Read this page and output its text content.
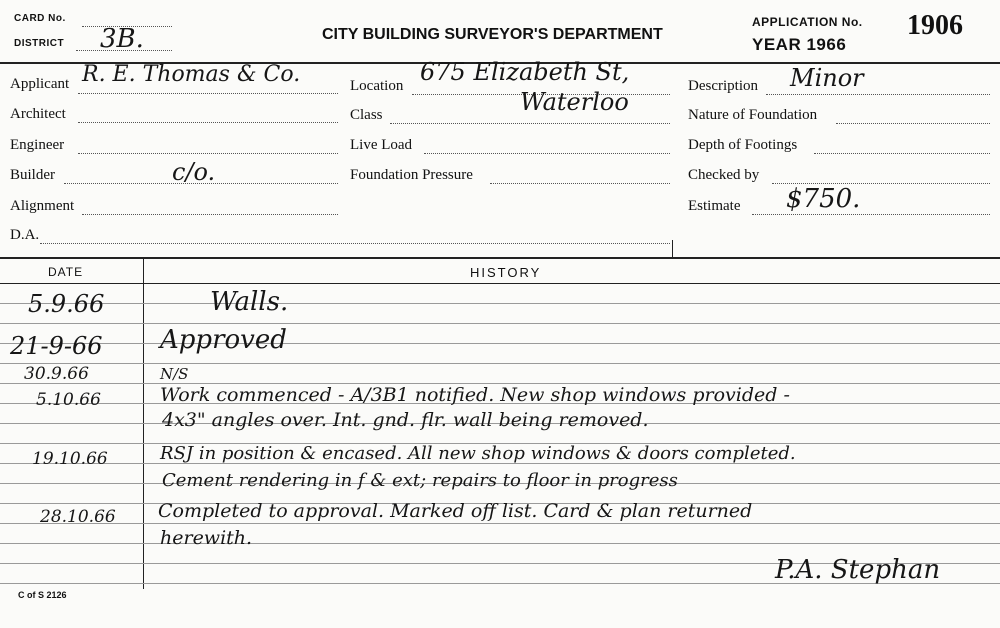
CARD No.
DISTRICT 3B.	CITY BUILDING SURVEYOR'S DEPARTMENT
APPLICATION No. 1906
YEAR 1966
Applicant R. E. Thomas & Co.
Architect
Engineer
Builder	c/o.
Alignment
D.A.
Location 675 Elizabeth St,
Waterloo
Class
Live Load
Foundation Pressure
Description Minor
Nature of Foundation
Depth of Footings
Checked by
Estimate $750.
DATE	HISTORY
5.9.66	Walls.
21-9-66 Approved
30.9.66	N/S
5.10.66	Work commenced - A/3B1 notified. New shop windows provided -
4x3" angles over. Int. gnd. flr. wall being removed.
19.10.66	RSJ in position & encased. All new shop windows & doors completed.
Cement rendering in f & ext; repairs to floor in progress
28.10.66 Completed to approval. Marked off list. Card & plan returned
herewith.
P.A. Stephan
C of S 2126
